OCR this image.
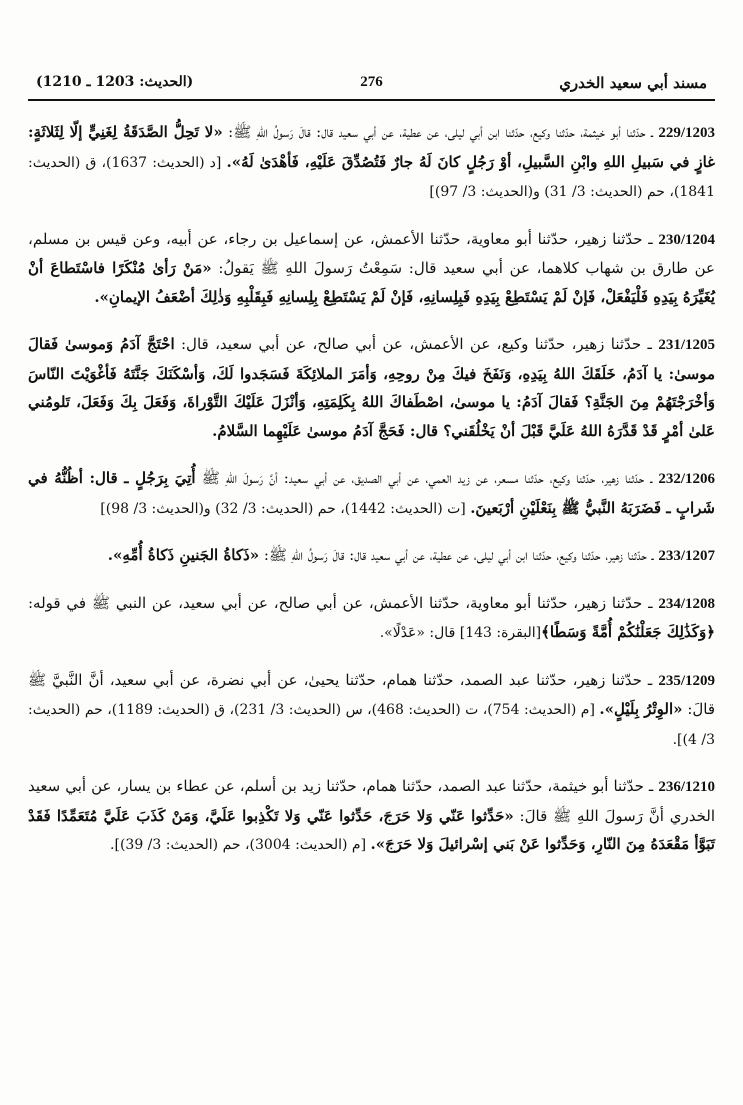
مسند أبي سعيد الخدري
276
(الحديث: 1203 ـ 1210)

229/1203 ـ حدّثنا أبو خيثمة، حدّثنا وكيع، حدّثنا ابن أبي ليلى، عن عطية، عن أبي سعيد قال: قالَ رَسولُ اللهِ ﷺ: «لا تَحِلُّ الصَّدَقَةُ لِغَنِيٍّ إلّا لِثَلاثَةٍ: غازٍ في سَبيلِ اللهِ وابْنِ السَّبيلِ، أوْ رَجُلٍ كانَ لَهُ جارٌ فَتُصُدِّقَ عَلَيْهِ، فَأهْدَىٰ لَهُ». [د (الحديث: 1637)، ق (الحديث: 1841)، حم (الحديث: 3/ 31) و(الحديث: 3/ 97)]

230/1204 ـ حدّثنا زهير، حدّثنا أبو معاوية، حدّثنا الأعمش، عن إسماعيل بن رجاء، عن أبيه، وعن قيس بن مسلم، عن طارق بن شهاب كلاهما، عن أبي سعيد قال: سَمِعْتُ رَسولَ اللهِ ﷺ يَقولُ: «مَنْ رَأىٰ مُنْكَرًا فاسْتَطاعَ أنْ يُغَيِّرَهُ بِيَدِهِ فَلْيَفْعَلْ، فَإنْ لَمْ يَسْتَطِعْ بِيَدِهِ فَبِلِسانِهِ، فَإنْ لَمْ يَسْتَطِعْ بِلِسانِهِ فَبِقَلْبِهِ وَذٰلِكَ أضْعَفُ الإيمانِ».

231/1205 ـ حدّثنا زهير، حدّثنا وكيع، عن الأعمش، عن أبي صالح، عن أبي سعيد، قال: احْتَجَّ آدَمُ وَموسىٰ فَقالَ موسىٰ: يا آدَمُ، خَلَقَكَ اللهُ بِيَدِهِ، وَنَفَخَ فيكَ مِنْ روحِهِ، وَأمَرَ الملائِكَةَ فَسَجَدوا لَكَ، وَأسْكَنَكَ جَنَّتَهُ فَأغْوَيْتَ النّاسَ وَأخْرَجْتَهُمْ مِنَ الجَنَّةِ؟ فَقالَ آدَمُ: يا موسىٰ، اصْطَفاكَ اللهُ بِكَلِمَتِهِ، وَأنْزَلَ عَلَيْكَ التَّوْراةَ، وَفَعَلَ بِكَ وَفَعَلَ، تَلومُني عَلىٰ أمْرٍ قَدْ قَدَّرَهُ اللهُ عَلَيَّ قَبْلَ أنْ يَخْلُقَني؟ قال: فَحَجَّ آدَمُ موسىٰ عَلَيْهِما السَّلامُ.

232/1206 ـ حدّثنا زهير، حدّثنا وكيع، حدّثنا مسعر، عن زيد العمي، عن أبي الصديق، عن أبي سعيد: أنَّ رَسولَ اللهِ ﷺ أُتِيَ بِرَجُلٍ ـ قال: أظُنُّهُ في شَرابٍ ـ فَضَرَبَهُ النَّبيُّ ﷺ بِنَعْلَيْنِ أرْبَعينَ. [ت (الحديث: 1442)، حم (الحديث: 3/ 32) و(الحديث: 3/ 98)]

233/1207 ـ حدّثنا زهير، حدّثنا وكيع، حدّثنا ابن أبي ليلى، عن عطية، عن أبي سعيد قال: قالَ رَسولُ اللهِ ﷺ: «ذَكاةُ الجَنينِ ذَكاةُ أُمِّهِ».

234/1208 ـ حدّثنا زهير، حدّثنا أبو معاوية، حدّثنا الأعمش، عن أبي صالح، عن أبي سعيد، عن النبي ﷺ في قوله: ﴿وَكَذَٰلِكَ جَعَلْنَٰكُمْ أُمَّةً وَسَطًا﴾[البقرة: 143] قال: «عَدْلًا».

235/1209 ـ حدّثنا زهير، حدّثنا عبد الصمد، حدّثنا همام، حدّثنا يحيىٰ، عن أبي نضرة، عن أبي سعيد، أنَّ النَّبيَّ ﷺ قالَ: «الوِتْرُ بِلَيْلٍ». [م (الحديث: 754)، ت (الحديث: 468)، س (الحديث: 3/ 231)، ق (الحديث: 1189)، حم (الحديث: 3/ 4)].

236/1210 ـ حدّثنا أبو خيثمة، حدّثنا عبد الصمد، حدّثنا همام، حدّثنا زيد بن أسلم، عن عطاء بن يسار، عن أبي سعيد الخدري أنَّ رَسولَ اللهِ ﷺ قالَ: «حَدِّثوا عَنّي وَلا حَرَجَ، حَدِّثوا عَنّي وَلا تَكْذِبوا عَلَيَّ، وَمَنْ كَذَبَ عَلَيَّ مُتَعَمِّدًا فَقَدْ تَبَوَّأ مَقْعَدَهُ مِنَ النّارِ، وَحَدِّثوا عَنْ بَني إسْرائيلَ وَلا حَرَجَ». [م (الحديث: 3004)، حم (الحديث: 3/ 39)].
